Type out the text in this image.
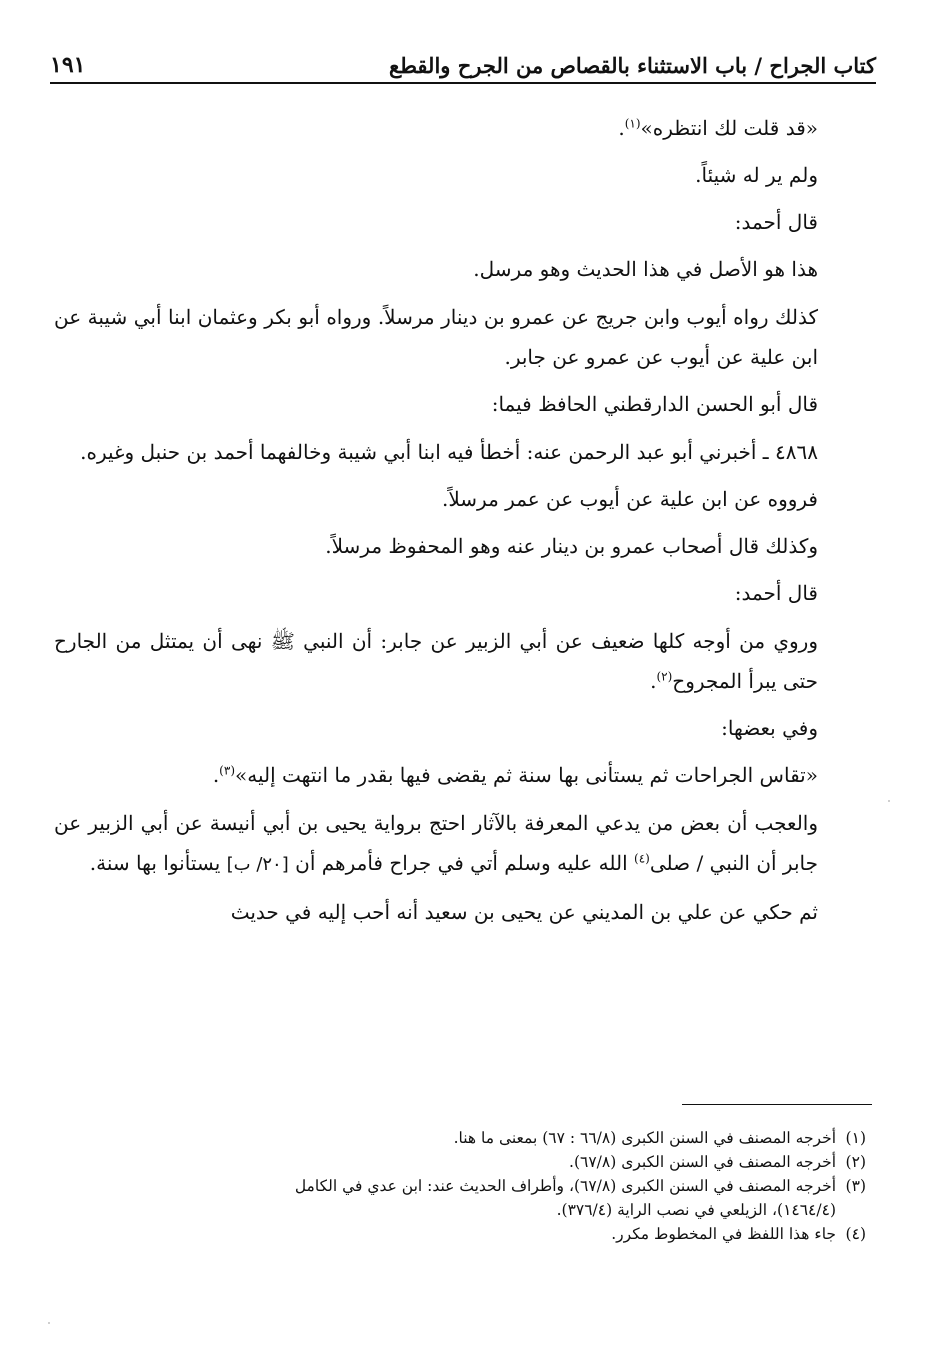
كتاب الجراح / باب الاستثناء بالقصاص من الجرح والقطع
١٩١

«قد قلت لك انتظره»$^{(١)}$.

ولم ير له شيئاً.

قال أحمد:

هذا هو الأصل في هذا الحديث وهو مرسل.

كذلك رواه أيوب وابن جريج عن عمرو بن دينار مرسلاً. ورواه أبو بكر وعثمان ابنا أبي شيبة عن ابن علية عن أيوب عن عمرو عن جابر.

قال أبو الحسن الدارقطني الحافظ فيما:

٤٨٦٨ ـ أخبرني أبو عبد الرحمن عنه: أخطأ فيه ابنا أبي شيبة وخالفهما أحمد بن حنبل وغيره.

فرووه عن ابن علية عن أيوب عن عمر مرسلاً.

وكذلك قال أصحاب عمرو بن دينار عنه وهو المحفوظ مرسلاً.

قال أحمد:

وروي من أوجه كلها ضعيف عن أبي الزبير عن جابر: أن النبي ﷺ نهى أن يمتثل من الجارح حتى يبرأ المجروح$^{(٢)}$.

وفي بعضها:

«تقاس الجراحات ثم يستأنى بها سنة ثم يقضى فيها بقدر ما انتهت إليه»$^{(٣)}$.

والعجب أن بعض من يدعي المعرفة بالآثار احتج برواية يحيى بن أبي أنيسة عن أبي الزبير عن جابر أن النبي / صلى$^{(٤)}$ الله عليه وسلم أتي في جراح فأمرهم أن [٢٠/ ب] يستأنوا بها سنة.

ثم حكي عن علي بن المديني عن يحيى بن سعيد أنه أحب إليه في حديث

(١)أخرجه المصنف في السنن الكبرى (٦٦/٨ : ٦٧) بمعنى ما هنا.

(٢)أخرجه المصنف في السنن الكبرى (٦٧/٨).

(٣)أخرجه المصنف في السنن الكبرى (٦٧/٨)، وأطراف الحديث عند: ابن عدي في الكامل

(١٤٦٤/٤)، الزيلعي في نصب الراية (٣٧٦/٤).

(٤)جاء هذا اللفظ في المخطوط مكرر.
